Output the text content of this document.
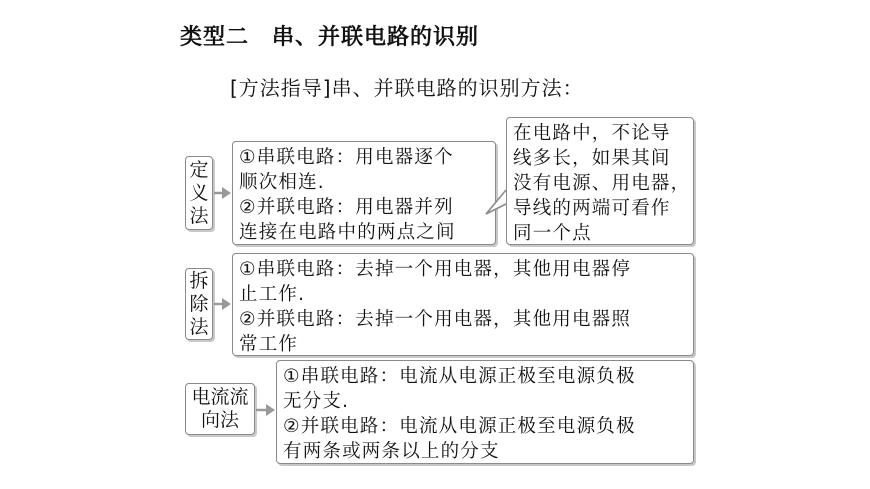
类型二　串、并联电路的识别
[方法指导]串、并联电路的识别方法：
定
义
法
①串联电路：用电器逐个
顺次相连.
②并联电路：用电器并列
连接在电路中的两点之间
在电路中，不论导
线多长，如果其间
没有电源、用电器，
导线的两端可看作
同一个点
拆
除
法
①串联电路：去掉一个用电器，其他用电器停
止工作.
②并联电路：去掉一个用电器，其他用电器照
常工作
电流流
向法
①串联电路：电流从电源正极至电源负极
无分支.
②并联电路：电流从电源正极至电源负极
有两条或两条以上的分支
